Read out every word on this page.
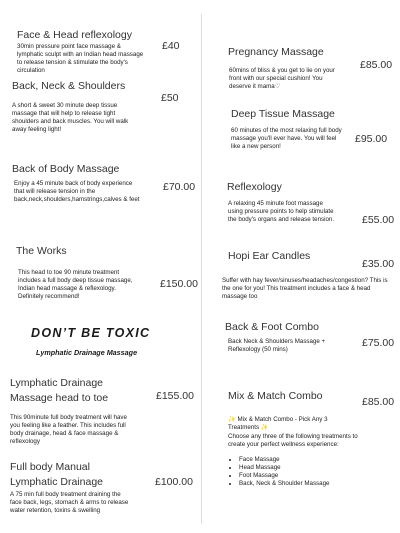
Face & Head reflexology
£40
30min pressure point face massage & lymphatic sculpt with an Indian head massage to release tension & stimulate the body's circulation
Back, Neck & Shoulders
£50
A short & sweet 30 minute deep tissue massage that will help to release tight shoulders and back muscles. You will walk away feeling light!
Back of Body Massage
£70.00
Enjoy a 45 minute back of body experience that will release tension in the back,neck,shoulders,hamstrings,calves & feet
The Works
£150.00
This head to toe 90 minute treatment includes a full body deep tissue massage, Indian head massage & reflexology. Definitely recommend!
DON’T BE TOXIC
Lymphatic Drainage Massage
Lymphatic Drainage
Massage head to toe	£155.00
This 90minute full body treatment will have you feeling like a feather. This includes full body drainage, head & face massage & reflexology
Full body Manual
Lymphatic Drainage	£100.00
A 75 min full body treatment draining the face back, legs, stomach & arms to release water retention, toxins & swelling
Pregnancy Massage
£85.00
60mins of bliss & you get to lie on your front with our special cushion! You deserve it mama♡
Deep Tissue Massage
£95.00
60 minutes of the most relaxing full body massage you'll ever have. You will feel like a new person!
Reflexology
£55.00
A relaxing 45 minute foot massage using pressure points to help stimulate the body's organs and release tension.
Hopi Ear Candles
£35.00
Suffer with hay fever/sinuses/headaches/congestion? This is the one for you! This treatment includes a face & head massage too
Back & Foot Combo
£75.00
Back Neck & Shoulders Massage + Reflexology (50 mins)
Mix & Match Combo	£85.00
✨ Mix & Match Combo - Pick Any 3 Treatments ✨
Choose any three of the following treatments to create your perfect wellness experience:
• Face Massage
• Head Massage
• Foot Massage
• Back, Neck & Shoulder Massage
